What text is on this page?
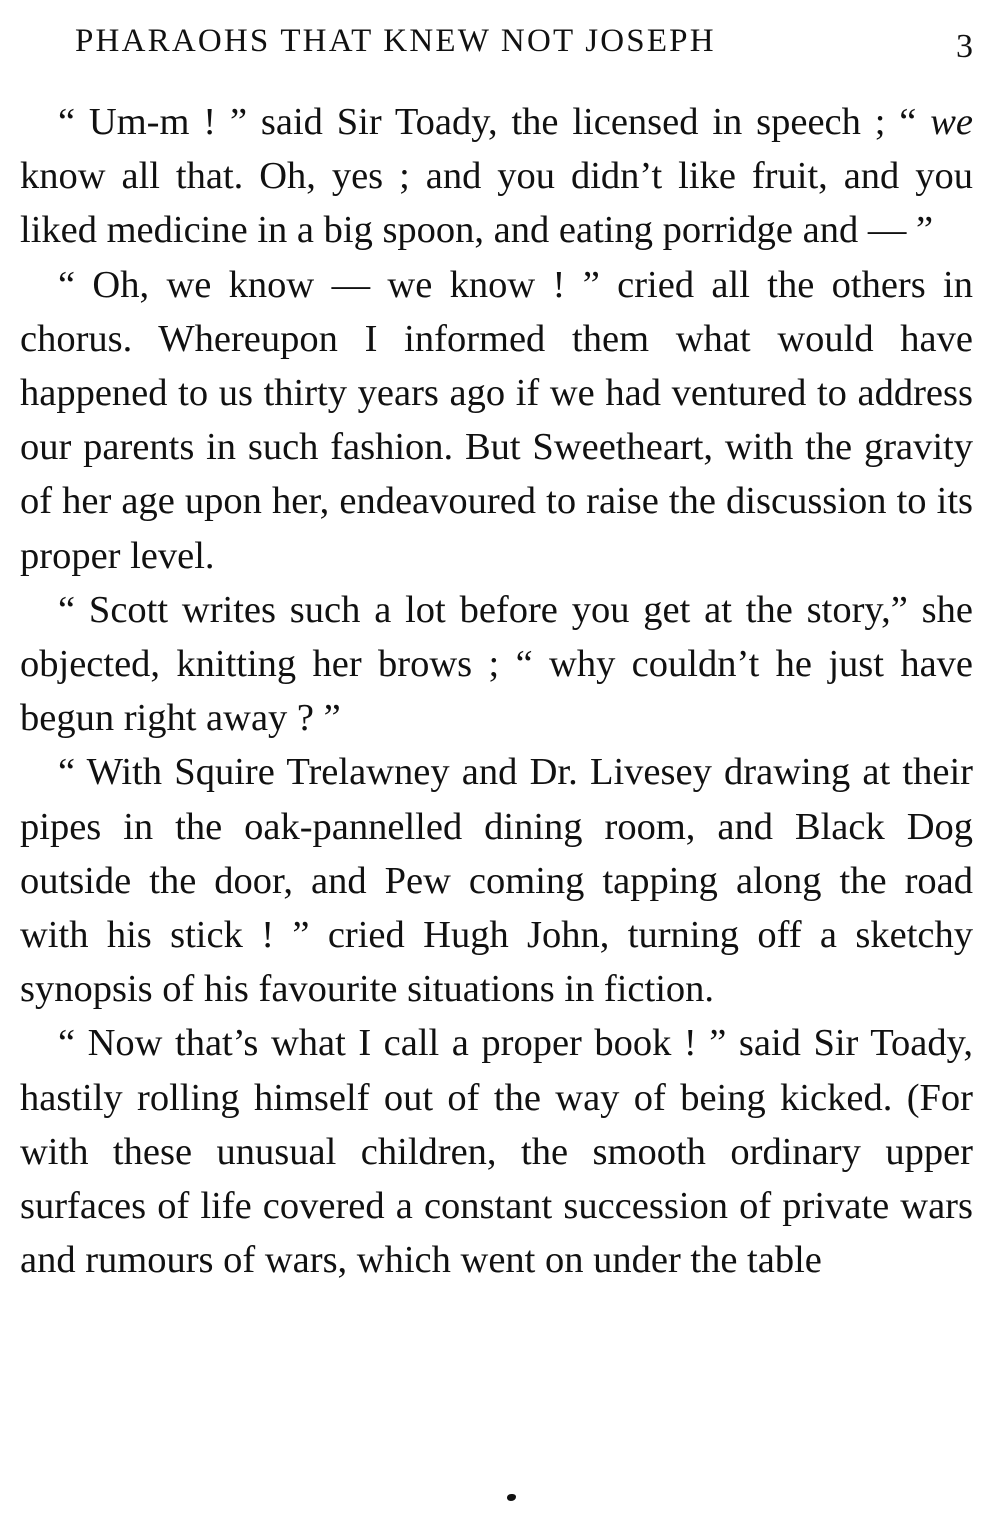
PHARAOHS THAT KNEW NOT JOSEPH	3

“ Um-m ! ” said Sir Toady, the licensed in speech ; “ we know all that. Oh, yes ; and you didn’t like fruit, and you liked medicine in a big spoon, and eating porridge and — ”

“ Oh, we know — we know ! ” cried all the others in chorus. Whereupon I informed them what would have happened to us thirty years ago if we had ventured to address our parents in such fashion. But Sweetheart, with the gravity of her age upon her, endeavoured to raise the discussion to its proper level.

“ Scott writes such a lot before you get at the story,” she objected, knitting her brows ; “ why couldn’t he just have begun right away ? ”

“ With Squire Trelawney and Dr. Livesey drawing at their pipes in the oak-pannelled dining room, and Black Dog outside the door, and Pew coming tapping along the road with his stick ! ” cried Hugh John, turning off a sketchy synopsis of his favourite situations in fiction.

“ Now that’s what I call a proper book ! ” said Sir Toady, hastily rolling himself out of the way of being kicked. (For with these unusual children, the smooth ordinary upper surfaces of life covered a constant succession of private wars and rumours of wars, which went on under the table
